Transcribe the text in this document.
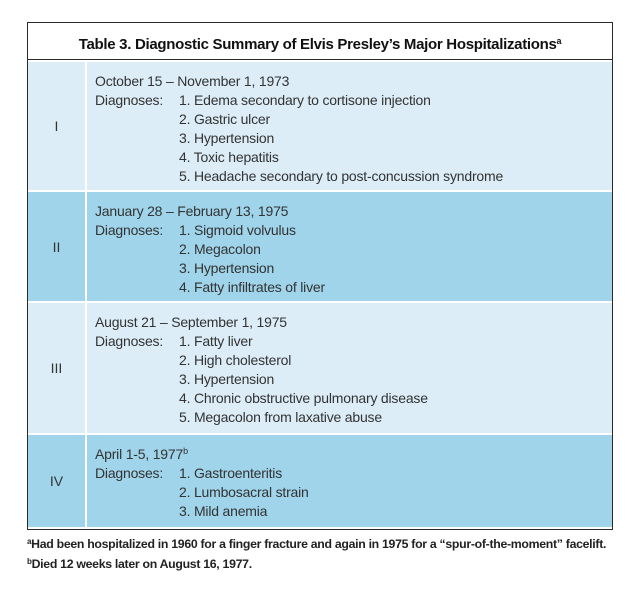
Table 3. Diagnostic Summary of Elvis Presley’s Major Hospitalizations$^a$
I
October 15 – November 1, 1973
Diagnoses:	1. Edema secondary to cortisone injection
2. Gastric ulcer
3. Hypertension
4. Toxic hepatitis
5. Headache secondary to post-concussion syndrome
II
January 28 – February 13, 1975
Diagnoses:	1. Sigmoid volvulus
2. Megacolon
3. Hypertension
4. Fatty infiltrates of liver
III
August 21 – September 1, 1975
Diagnoses:	1. Fatty liver
2. High cholesterol
3. Hypertension
4. Chronic obstructive pulmonary disease
5. Megacolon from laxative abuse
IV
April 1-5, 1977$^b$
Diagnoses:	1. Gastroenteritis
2. Lumbosacral strain
3. Mild anemia
$^a$Had been hospitalized in 1960 for a finger fracture and again in 1975 for a “spur-of-the-moment” facelift.
$^b$Died 12 weeks later on August 16, 1977.
